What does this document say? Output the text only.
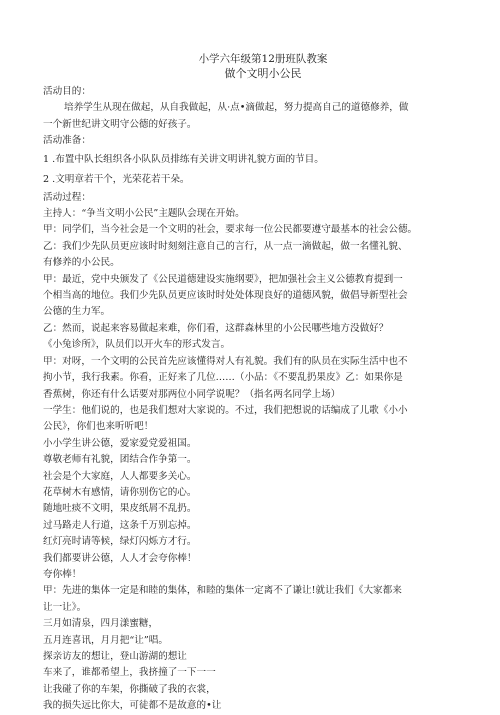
小学六年级第12册班队教案
做个文明小公民
活动目的：
培养学生从现在做起，从自我做起，从·点•滴做起，努力提高自己的道德修养，做
一个新世纪讲文明守公德的好孩子。
活动准备：
1 .布置中队长组织各小队队员排练有关讲文明讲礼貌方面的节目。
2 .文明章若干个，光荣花若干朵。
活动过程：
主持人：“争当文明小公民”主题队会现在开始。
甲：同学们，当今社会是一个文明的社会，要求每一位公民都要遵守最基本的社会公德。
乙：我们少先队员更应该时时刻刻注意自己的言行，从一点一滴做起，做一名懂礼貌、
有修养的小公民。
甲：最近，党中央颁发了《公民道德建设实施纲要》，把加强社会主义公德教育提到一
个相当高的地位。我们少先队员更应该时时处处体现良好的道德风貌，做倡导新型社会
公德的生力军。
乙：然而，说起来容易做起来难，你们看，这群森林里的小公民哪些地方没做好？
《小兔诊所》，队员们以开火车的形式发言。
甲：对呀，一个文明的公民首先应该懂得对人有礼貌。我们有的队员在实际生活中也不
拘小节，我行我素。你看，正好来了几位……（小品：《不要乱扔果皮》乙：如果你是
香蕉树，你还有什么话要对那两位小同学说呢？（指名两名同学上场）
一学生：他们说的，也是我们想对大家说的。不过，我们把想说的话编成了儿歌《小小
公民》，你们也来听听吧！
小小学生讲公德，爱家爱党爱祖国。
尊敬老师有礼貌，团结合作争第一。
社会是个大家庭，人人都要多关心。
花草树木有感情，请你别伤它的心。
随地吐痰不文明，果皮纸屑不乱扔。
过马路走人行道，这条千万别忘掉。
红灯亮时请等候，绿灯闪烁方才行。
我们都要讲公德，人人才会夸你棒！
夸你棒！
甲：先进的集体一定是和睦的集体，和睦的集体一定离不了谦让!就让我们《大家都来
让一让》。
三月如清泉，四月漾蜜糖，
五月连喜讯，月月把“让”唱。
探亲访友的想让，登山游湖的想让
车来了，谁都希望上，我挤撞了一下一一
让我碰了你的车架，你撕破了我的衣裳，
我的损失远比你大，可徒都不是故意的•让
